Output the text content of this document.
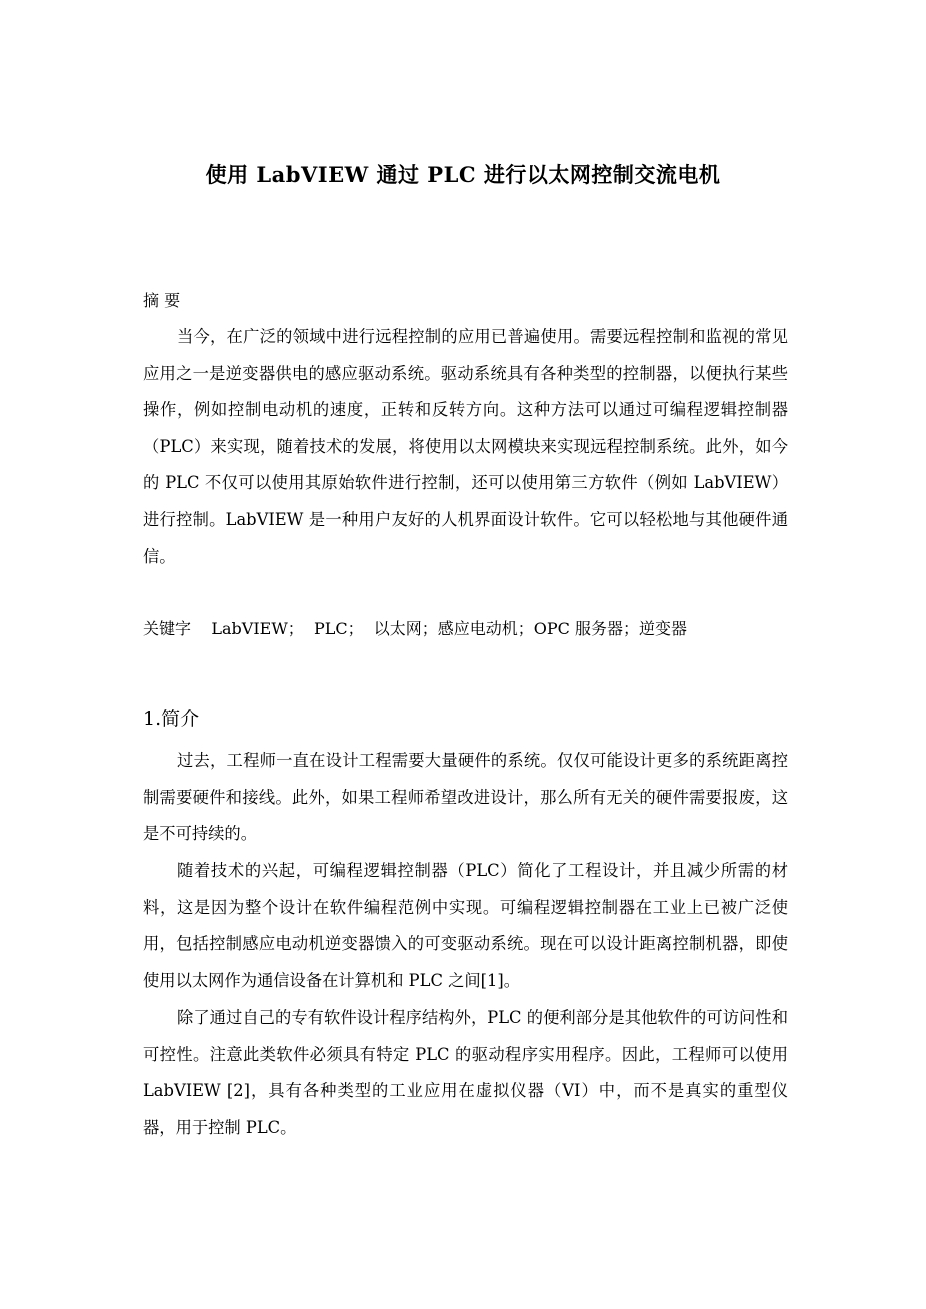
使用 LabVIEW 通过 PLC 进行以太网控制交流电机
摘 要

当今，在广泛的领域中进行远程控制的应用已普遍使用。需要远程控制和监视的常见应用之一是逆变器供电的感应驱动系统。驱动系统具有各种类型的控制器，以便执行某些操作，例如控制电动机的速度，正转和反转方向。这种方法可以通过可编程逻辑控制器（PLC）来实现，随着技术的发展，将使用以太网模块来实现远程控制系统。此外，如今的 PLC 不仅可以使用其原始软件进行控制，还可以使用第三方软件（例如 LabVIEW）进行控制。LabVIEW 是一种用户友好的人机界面设计软件。它可以轻松地与其他硬件通信。

关键字 LabVIEW；  PLC；  以太网；感应电动机；OPC 服务器；逆变器
1.简介

过去，工程师一直在设计工程需要大量硬件的系统。仅仅可能设计更多的系统距离控制需要硬件和接线。此外，如果工程师希望改进设计，那么所有无关的硬件需要报废，这是不可持续的。

随着技术的兴起，可编程逻辑控制器（PLC）简化了工程设计，并且减少所需的材料，这是因为整个设计在软件编程范例中实现。可编程逻辑控制器在工业上已被广泛使用，包括控制感应电动机逆变器馈入的可变驱动系统。现在可以设计距离控制机器，即使使用以太网作为通信设备在计算机和 PLC 之间[1]。

除了通过自己的专有软件设计程序结构外，PLC 的便利部分是其他软件的可访问性和可控性。注意此类软件必须具有特定 PLC 的驱动程序实用程序。因此，工程师可以使用 LabVIEW [2]，具有各种类型的工业应用在虚拟仪器（VI）中，而不是真实的重型仪器，用于控制 PLC。
